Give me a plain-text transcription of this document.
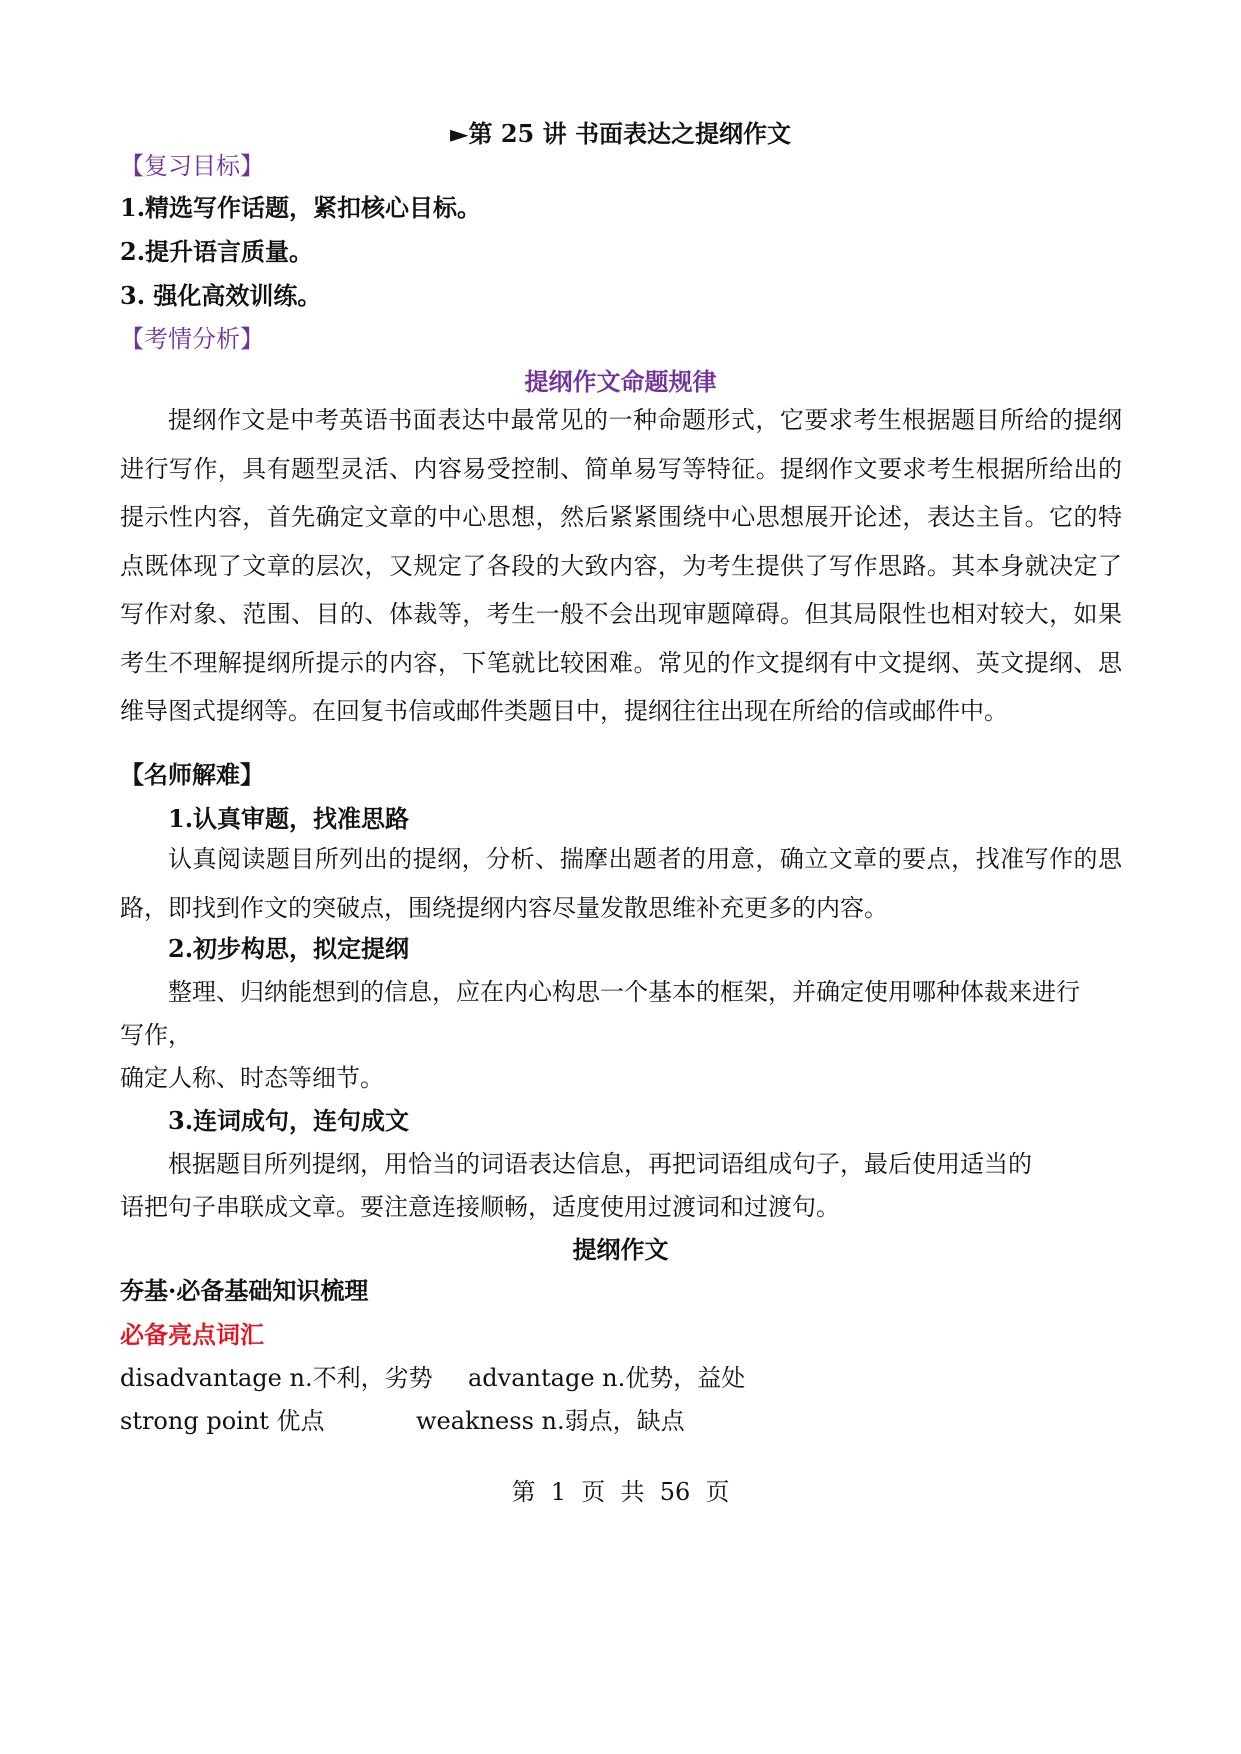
►第 25 讲 书面表达之提纲作文
【复习目标】
1.精选写作话题，紧扣核心目标。
2.提升语言质量。
3. 强化高效训练。
【考情分析】
提纲作文命题规律
提纲作文是中考英语书面表达中最常见的一种命题形式，它要求考生根据题目所给的提纲进行写作，具有题型灵活、内容易受控制、简单易写等特征。提纲作文要求考生根据所给出的提示性内容，首先确定文章的中心思想，然后紧紧围绕中心思想展开论述，表达主旨。它的特点既体现了文章的层次，又规定了各段的大致内容，为考生提供了写作思路。其本身就决定了写作对象、范围、目的、体裁等，考生一般不会出现审题障碍。但其局限性也相对较大，如果考生不理解提纲所提示的内容，下笔就比较困难。常见的作文提纲有中文提纲、英文提纲、思维导图式提纲等。在回复书信或邮件类题目中，提纲往往出现在所给的信或邮件中。
【名师解难】
1.认真审题，找准思路
认真阅读题目所列出的提纲，分析、揣摩出题者的用意，确立文章的要点，找准写作的思路，即找到作文的突破点，围绕提纲内容尽量发散思维补充更多的内容。
2.初步构思，拟定提纲
整理、归纳能想到的信息，应在内心构思一个基本的框架，并确定使用哪种体裁来进行
写作，
确定人称、时态等细节。
3.连词成句，连句成文
根据题目所列提纲，用恰当的词语表达信息，再把词语组成句子，最后使用适当的
语把句子串联成文章。要注意连接顺畅，适度使用过渡词和过渡句。
提纲作文
夯基·必备基础知识梳理
必备亮点词汇
disadvantage n.不利，劣势 advantage n.优势，益处
strong point 优点	weakness n.弱点，缺点
第  1  页  共  56  页
